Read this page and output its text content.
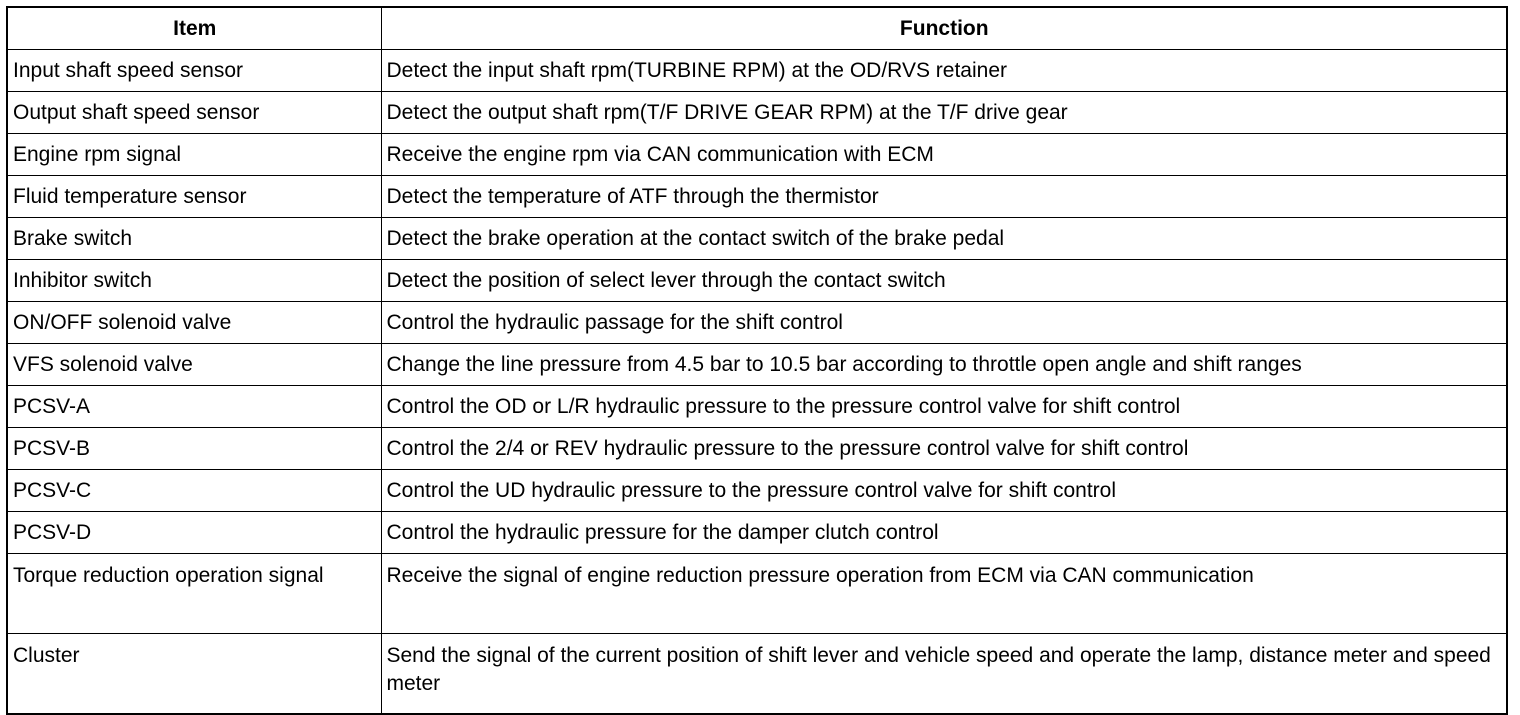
Item	Function
Input shaft speed sensor	Detect the input shaft rpm(TURBINE RPM) at the OD/RVS retainer
Output shaft speed sensor	Detect the output shaft rpm(T/F DRIVE GEAR RPM) at the T/F drive gear
Engine rpm signal	Receive the engine rpm via CAN communication with ECM
Fluid temperature sensor	Detect the temperature of ATF through the thermistor
Brake switch	Detect the brake operation at the contact switch of the brake pedal
Inhibitor switch	Detect the position of select lever through the contact switch
ON/OFF solenoid valve	Control the hydraulic passage for the shift control
VFS solenoid valve	Change the line pressure from 4.5 bar to 10.5 bar according to throttle open angle and shift ranges
PCSV-A	Control the OD or L/R hydraulic pressure to the pressure control valve for shift control
PCSV-B	Control the 2/4 or REV hydraulic pressure to the pressure control valve for shift control
PCSV-C	Control the UD hydraulic pressure to the pressure control valve for shift control
PCSV-D	Control the hydraulic pressure for the damper clutch control
Torque reduction operation signal	Receive the signal of engine reduction pressure operation from ECM via CAN communication
Cluster	Send the signal of the current position of shift lever and vehicle speed and operate the lamp, distance meter and speed meter
